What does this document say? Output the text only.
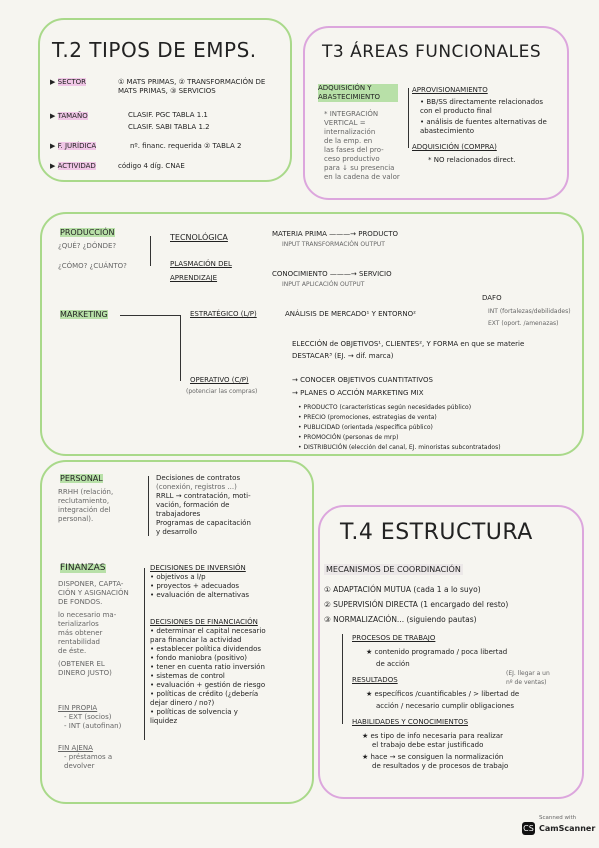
T.2 TIPOS DE EMPS.
▶ SECTOR	① MATS PRIMAS, ② TRANSFORMACIÓN DE MATS PRIMAS, ③ SERVICIOS
▶ TAMAÑO	CLASIF. PGC TABLA 1.1
CLASIF. SABI TABLA 1.2
▶ F. JURÍDICA	nº. financ. requerida ② TABLA 2
▶ ACTIVIDAD	código 4 díg. CNAE
T3 ÁREAS FUNCIONALES
ADQUISICIÓN Y ABASTECIMIENTO
* INTEGRACIÓN
VERTICAL =
internalización
de la emp. en
las fases del pro-
ceso productivo
para ↓ su presencia
en la cadena de valor
APROVISIONAMIENTO
• BB/SS directamente relacionados con el producto final
• análisis de fuentes alternativas de abastecimiento
ADQUISICIÓN (COMPRA)
* NO relacionados direct.
PRODUCCIÓN
¿QUÉ? ¿DÓNDE?
¿CÓMO? ¿CUÁNTO?
TECNOLÓGICA
PLASMACIÓN DEL
APRENDIZAJE
MATERIA PRIMA ———→ PRODUCTO
INPUT TRANSFORMACIÓN OUTPUT
CONOCIMIENTO ———→ SERVICIO
INPUT APLICACIÓN OUTPUT
MARKETING	ESTRATÉGICO (L/P)	ANÁLISIS DE MERCADO¹ Y ENTORNO²
DAFO
INT (fortalezas/debilidades)
EXT (oport. /amenazas)
ELECCIÓN de OBJETIVOS¹, CLIENTES², Y FORMA en que se materie
DESTACAR³ (EJ. → dif. marca)
OPERATIVO (C/P)
(potenciar las compras)
→ CONOCER OBJETIVOS CUANTITATIVOS
→ PLANES O ACCIÓN MARKETING MIX
• PRODUCTO (características según necesidades público)
• PRECIO (promociones, estrategias de venta)
• PUBLICIDAD (orientada /específica público)
• PROMOCIÓN (personas de mrp)
• DISTRIBUCIÓN (elección del canal, EJ. minoristas subcontratados)
PERSONAL
RRHH (relación,
reclutamiento,
integración del
personal).
Decisiones de contratos
(conexión, registros ...)
RRLL → contratación, moti-
vación, formación de
trabajadores
Programas de capacitación
y desarrollo
FINANZAS
DISPONER, CAPTA-
CIÓN Y ASIGNACIÓN
DE FONDOS.
lo necesario ma-
terializarlos
más obtener
rentabilidad
de éste.
(OBTENER EL
DINERO JUSTO)
FIN PROPIA
- EXT (socios)
- INT (autofinan)
FIN AJENA
- préstamos a
devolver
DECISIONES DE INVERSIÓN
• objetivos a l/p
• proyectos + adecuados
• evaluación de alternativas
DECISIONES DE FINANCIACIÓN
• determinar el capital necesario
para financiar la actividad
• establecer política dividendos
• fondo maniobra (positivo)
• tener en cuenta ratio inversión
• sistemas de control
• evaluación + gestión de riesgo
• políticas de crédito (¿debería
dejar dinero / no?)
• políticas de solvencia y
liquidez
T.4 ESTRUCTURA
MECANISMOS DE COORDINACIÓN
① ADAPTACIÓN MUTUA (cada 1 a lo suyo)
② SUPERVISIÓN DIRECTA (1 encargado del resto)
③ NORMALIZACIÓN... (siguiendo pautas)
PROCESOS DE TRABAJO
★ contenido programado / poca libertad
de acción
RESULTADOS
(EJ. llegar a un
nº de ventas)
★ específicos /cuantificables / > libertad de
acción / necesario cumplir obligaciones
HABILIDADES Y CONOCIMIENTOS
★ es tipo de info necesaria para realizar
el trabajo debe estar justificado
★ hace → se consiguen la normalización
de resultados y de procesos de trabajo
Scanned with
CS CamScanner
